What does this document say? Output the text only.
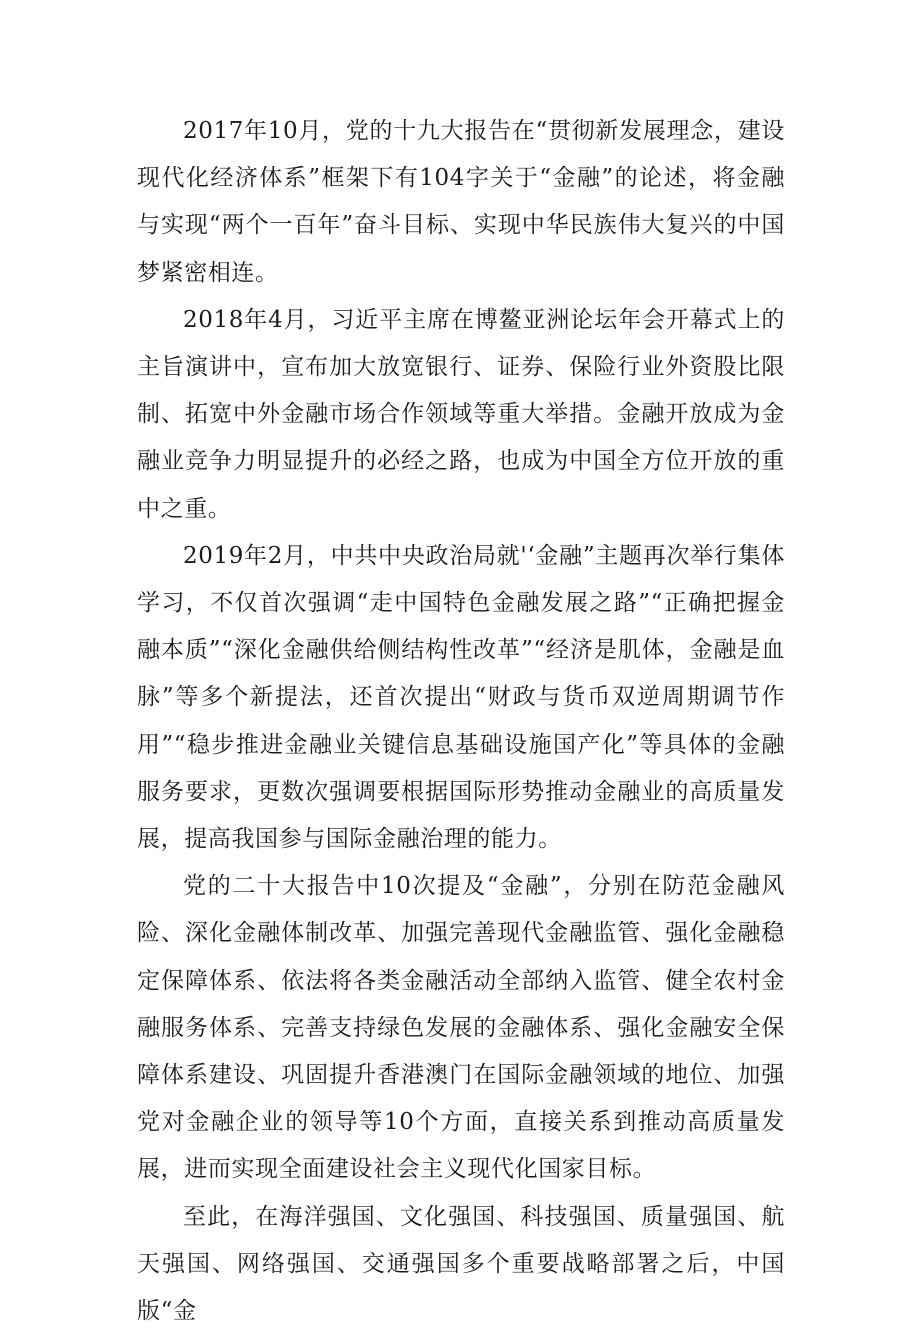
2017年10月，党的十九大报告在“贯彻新发展理念，建设现代化经济体系”框架下有104字关于“金融”的论述，将金融与实现“两个一百年”奋斗目标、实现中华民族伟大复兴的中国梦紧密相连。

2018年4月，习近平主席在博鳌亚洲论坛年会开幕式上的主旨演讲中，宣布加大放宽银行、证券、保险行业外资股比限制、拓宽中外金融市场合作领域等重大举措。金融开放成为金融业竞争力明显提升的必经之路，也成为中国全方位开放的重中之重。

2019年2月，中共中央政治局就'‘金融”主题再次举行集体学习，不仅首次强调“走中国特色金融发展之路”“正确把握金融本质”“深化金融供给侧结构性改革”“经济是肌体，金融是血脉”等多个新提法，还首次提出“财政与货币双逆周期调节作用”“稳步推进金融业关键信息基础设施国产化”等具体的金融服务要求，更数次强调要根据国际形势推动金融业的高质量发展，提高我国参与国际金融治理的能力。

党的二十大报告中10次提及“金融”，分别在防范金融风险、深化金融体制改革、加强完善现代金融监管、强化金融稳定保障体系、依法将各类金融活动全部纳入监管、健全农村金融服务体系、完善支持绿色发展的金融体系、强化金融安全保障体系建设、巩固提升香港澳门在国际金融领域的地位、加强党对金融企业的领导等10个方面，直接关系到推动高质量发展，进而实现全面建设社会主义现代化国家目标。

至此，在海洋强国、文化强国、科技强国、质量强国、航天强国、网络强国、交通强国多个重要战略部署之后，中国版“金
